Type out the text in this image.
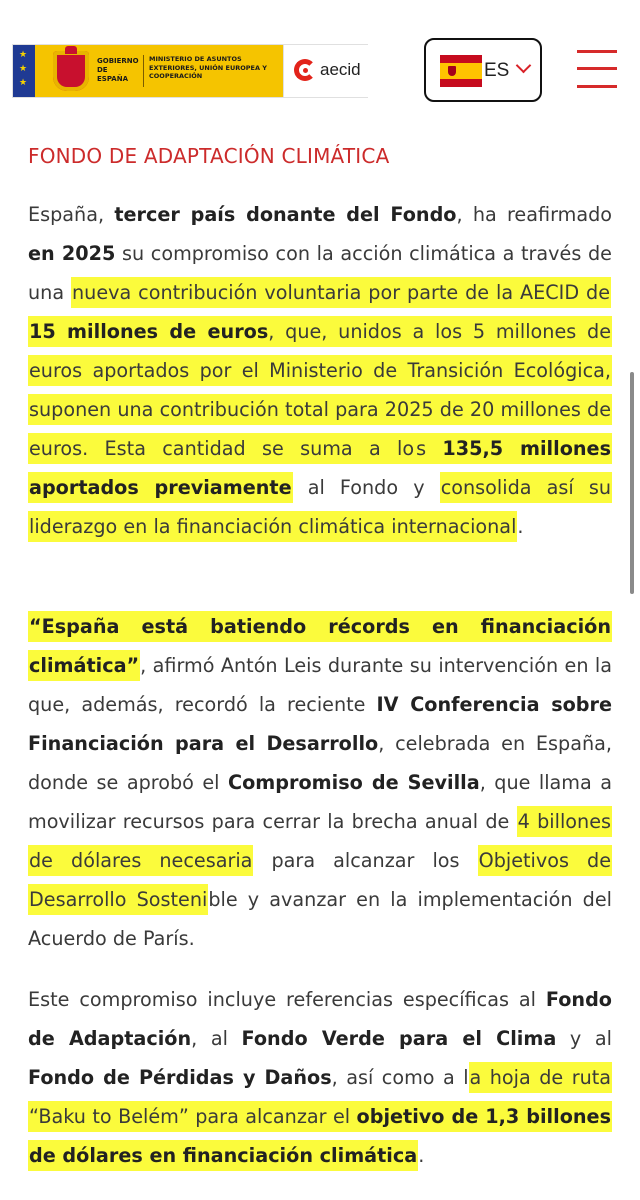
★
★
★
GOBIERNO DE ESPAÑA
MINISTERIO DE ASUNTOS EXTERIORES, UNIÓN EUROPEA Y COOPERACIÓN	aecid	ES
FONDO DE ADAPTACIÓN CLIMÁTICA
España, tercer país donante del Fondo, ha reafirmado en 2025 su compromiso con la acción climática a través de una nueva contribución voluntaria por parte de la AECID de 15 millones de euros, que, unidos a los 5 millones de euros aportados por el Ministerio de Transición Ecológica, suponen una contribución total para 2025 de 20 millones de euros. Esta cantidad se suma a lo s 135,5 millones aportados previamente al Fondo y consolida así su liderazgo en la financiación climática internacional.
“España está batiendo récords en financiación climática”, afirmó Antón Leis durante su intervención en la que, además, recordó la reciente IV Conferencia sobre Financiación para el Desarrollo, celebrada en España, donde se aprobó el Compromiso de Sevilla, que llama a movilizar recursos para cerrar la brecha anual de 4 billones de dólares necesaria para alcanzar los Objetivos de Desarrollo Sostenible y avanzar en la implementación del Acuerdo de París.
Este compromiso incluye referencias específicas al Fondo de Adaptación, al Fondo Verde para el Clima y al Fondo de Pérdidas y Daños, así como a la hoja de ruta “Baku to Belém” para alcanzar el objetivo de 1,3 billones de dólares en financiación climática.
